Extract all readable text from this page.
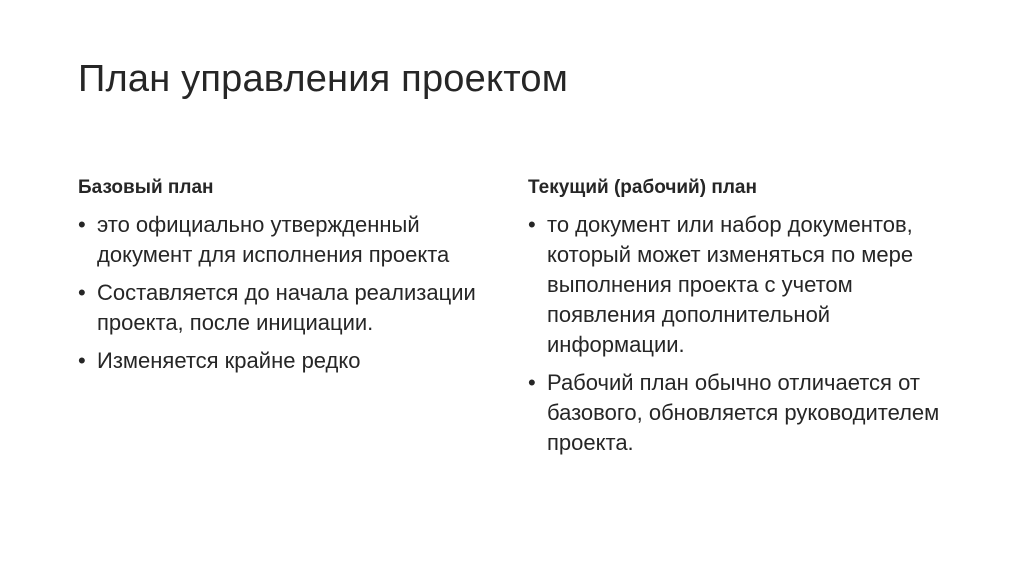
План управления проектом
Базовый план
• это официально утвержденный документ для исполнения проекта
• Составляется до начала реализации проекта, после инициации.
• Изменяется крайне редко
Текущий (рабочий) план
• то документ или набор документов, который может изменяться по мере выполнения проекта с учетом появления дополнительной информации.
• Рабочий план обычно отличается от базового, обновляется руководителем проекта.
